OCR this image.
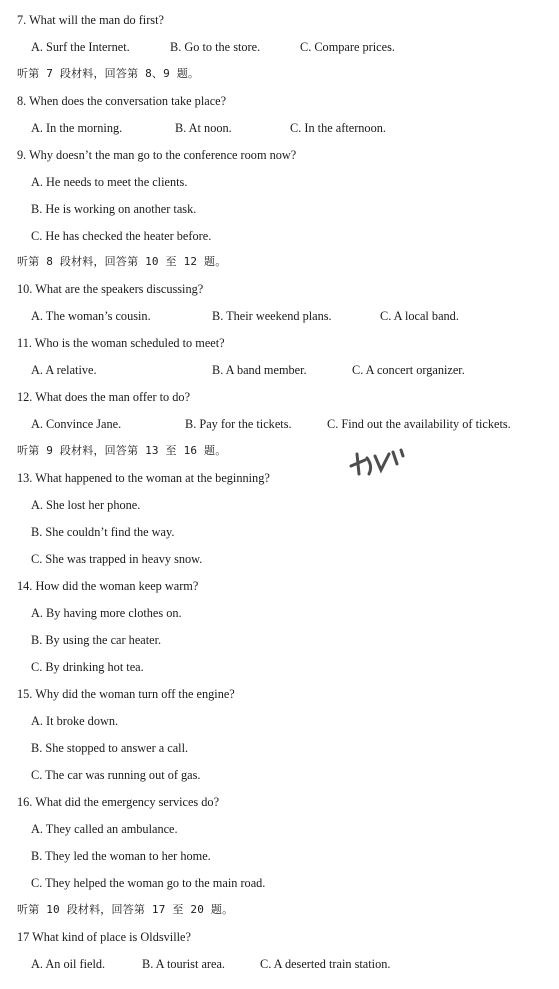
7. What will the man do first?
A. Surf the Internet.	B. Go to the store.	C. Compare prices.
听第 7 段材料，回答第 8、9 题。
8. When does the conversation take place?
A. In the morning.	B. At noon.	C. In the afternoon.
9. Why doesn’t the man go to the conference room now?
A. He needs to meet the clients.
B. He is working on another task.
C. He has checked the heater before.
听第 8 段材料，回答第 10 至 12 题。
10. What are the speakers discussing?
A. The woman’s cousin.	B. Their weekend plans.	C. A local band.
11. Who is the woman scheduled to meet?
A. A relative.	B. A band member.	C. A concert organizer.
12. What does the man offer to do?
A. Convince Jane.	B. Pay for the tickets.	C. Find out the availability of tickets.
听第 9 段材料，回答第 13 至 16 题。
13. What happened to the woman at the beginning?
A. She lost her phone.
B. She couldn’t find the way.
C. She was trapped in heavy snow.
14. How did the woman keep warm?
A. By having more clothes on.
B. By using the car heater.
C. By drinking hot tea.
15. Why did the woman turn off the engine?
A. It broke down.
B. She stopped to answer a call.
C. The car was running out of gas.
16. What did the emergency services do?
A. They called an ambulance.
B. They led the woman to her home.
C. They helped the woman go to the main road.
听第 10 段材料，回答第 17 至 20 题。
17 What kind of place is Oldsville?
A. An oil field.	B. A tourist area.	C. A deserted train station.
